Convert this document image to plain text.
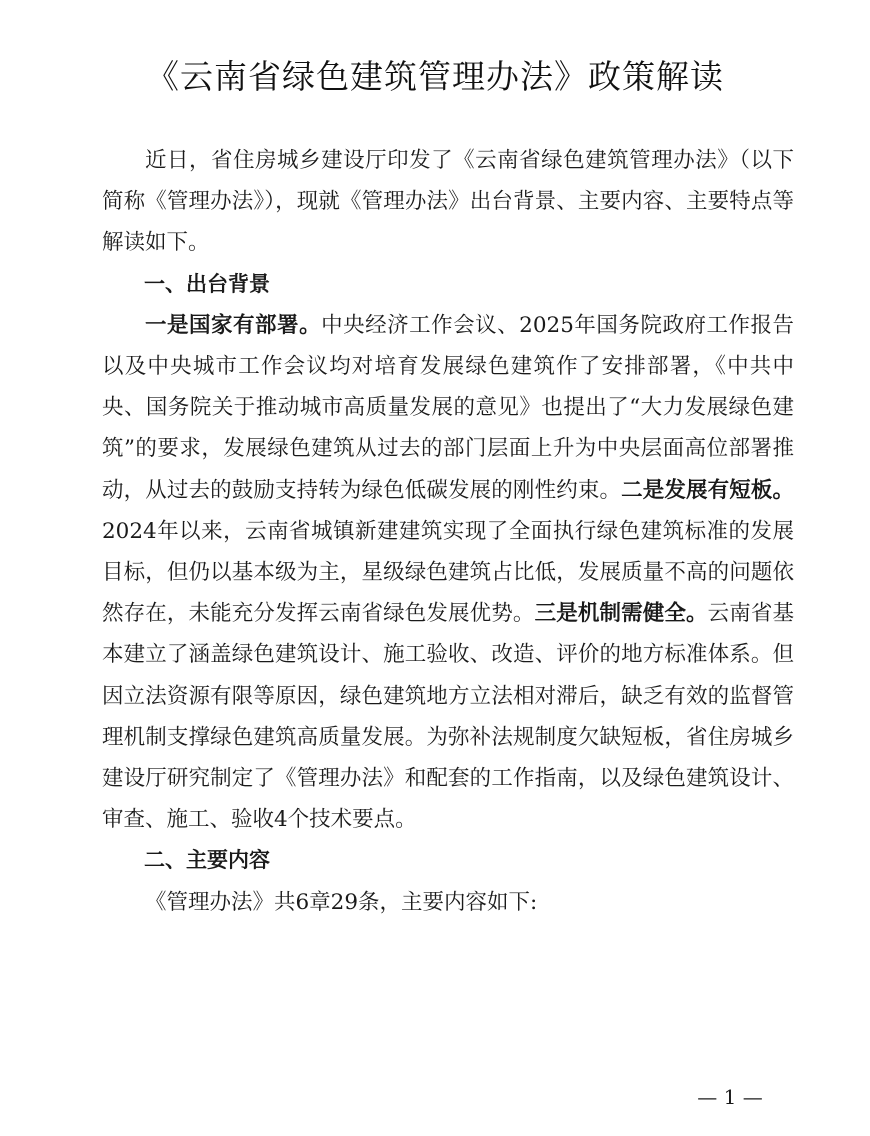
《云南省绿色建筑管理办法》政策解读

近日，省住房城乡建设厅印发了《云南省绿色建筑管理办法》（以下简称《管理办法》），现就《管理办法》出台背景、主要内容、主要特点等解读如下。

一、出台背景

一是国家有部署。中央经济工作会议、2025年国务院政府工作报告以及中央城市工作会议均对培育发展绿色建筑作了安排部署，《中共中央、国务院关于推动城市高质量发展的意见》也提出了“大力发展绿色建筑”的要求，发展绿色建筑从过去的部门层面上升为中央层面高位部署推动，从过去的鼓励支持转为绿色低碳发展的刚性约束。二是发展有短板。2024年以来，云南省城镇新建建筑实现了全面执行绿色建筑标准的发展目标，但仍以基本级为主，星级绿色建筑占比低，发展质量不高的问题依然存在，未能充分发挥云南省绿色发展优势。三是机制需健全。云南省基本建立了涵盖绿色建筑设计、施工验收、改造、评价的地方标准体系。但因立法资源有限等原因，绿色建筑地方立法相对滞后，缺乏有效的监督管理机制支撑绿色建筑高质量发展。为弥补法规制度欠缺短板，省住房城乡建设厅研究制定了《管理办法》和配套的工作指南，以及绿色建筑设计、审查、施工、验收4个技术要点。

二、主要内容

《管理办法》共6章29条，主要内容如下:

— 1 —
